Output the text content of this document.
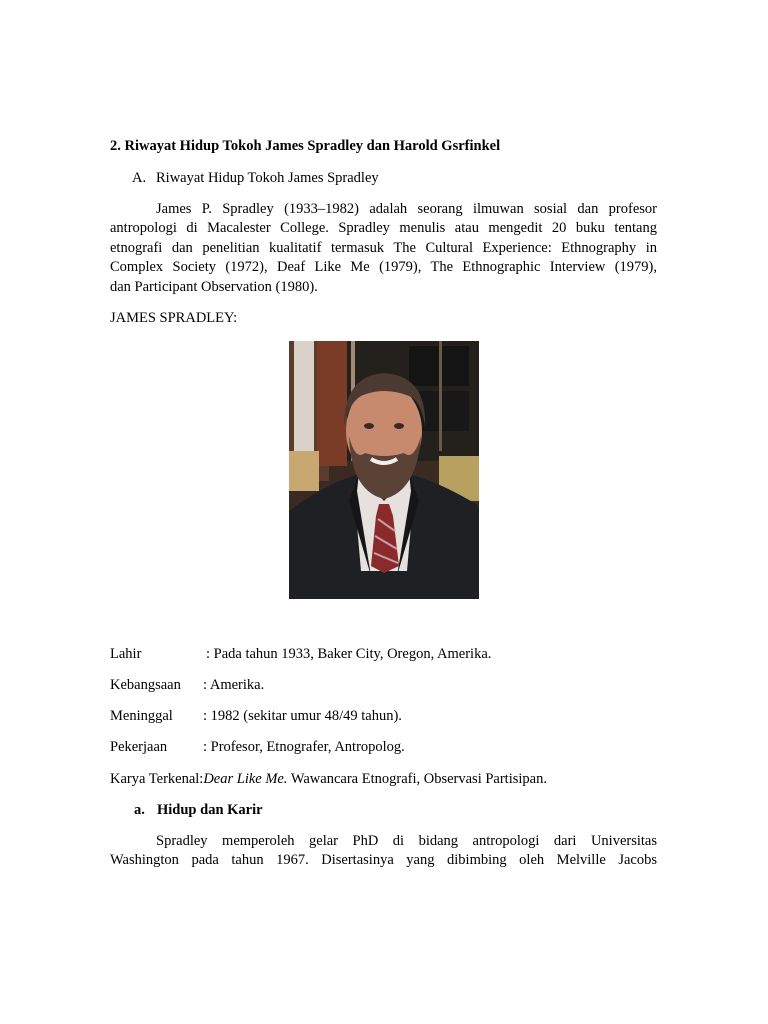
2. Riwayat Hidup Tokoh James Spradley dan Harold Gsrfinkel
A. Riwayat Hidup Tokoh James Spradley
James P. Spradley (1933–1982) adalah seorang ilmuwan sosial dan profesor
antropologi di Macalester College. Spradley menulis atau mengedit 20 buku tentang
etnografi dan penelitian kualitatif termasuk The Cultural Experience: Ethnography in
Complex Society (1972), Deaf Like Me (1979), The Ethnographic Interview (1979),
dan Participant Observation (1980).
JAMES SPRADLEY:
Lahir	: Pada tahun 1933, Baker City, Oregon, Amerika.
Kebangsaan : Amerika.
Meninggal : 1982 (sekitar umur 48/49 tahun).
Pekerjaan : Profesor, Etnografer, Antropolog.
Karya Terkenal:Dear Like Me. Wawancara Etnografi, Observasi Partisipan.
a. Hidup dan Karir
Spradley memperoleh gelar PhD di bidang antropologi dari Universitas
Washington pada tahun 1967. Disertasinya yang dibimbing oleh Melville Jacobs
